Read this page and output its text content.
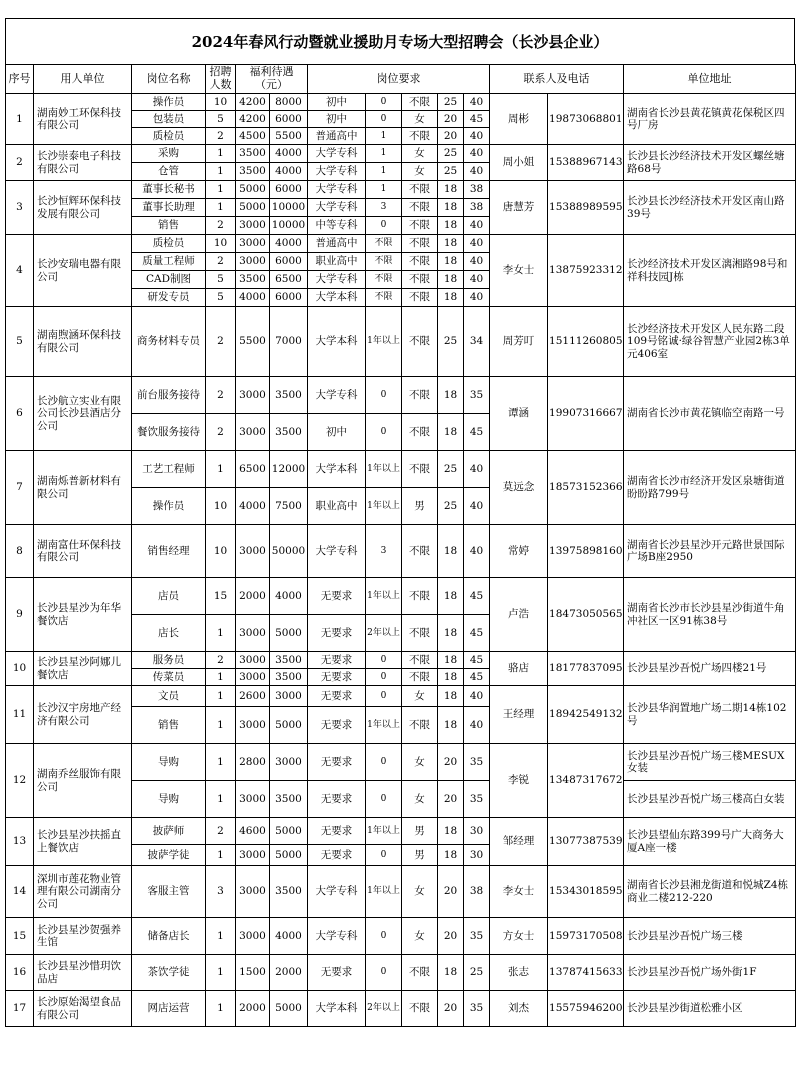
2024年春风行动暨就业援助月专场大型招聘会（长沙县企业）
序号	用人单位	岗位名称	招聘人数	福利待遇（元）		岗位要求					联系人及电话		单位地址
1	湖南妙工环保科技有限公司	操作员	10	4200	8000	初中	0	不限	25	40	周彬	19873068801	湖南省长沙县黄花镇黄花保税区四号厂房
		包装员	5	4200	6000	初中	0	女	20	45			
		质检员	2	4500	5500	普通高中	1	不限	20	40			
2	长沙崇泰电子科技有限公司	采购	1	3500	4000	大学专科	1	女	25	40	周小姐	15388967143	长沙县长沙经济技术开发区螺丝塘路68号
		仓管	1	3500	4000	大学专科	1	女	25	40			
3	长沙恒辉环保科技发展有限公司	董事长秘书	1	5000	6000	大学专科	1	不限	18	38	唐慧芳	15388989595	长沙县长沙经济技术开发区南山路39号
		董事长助理	1	5000	10000	大学专科	3	不限	18	38			
		销售	2	3000	10000	中等专科	0	不限	18	40			
4	长沙安瑞电器有限公司	质检员	10	3000	4000	普通高中	不限	不限	18	40	李女士	13875923312	长沙经济技术开发区漓湘路98号和祥科技园J栋
		质量工程师	2	3000	6000	职业高中	不限	不限	18	40			
		CAD制图	5	3500	6500	大学专科	不限	不限	18	40			
		研发专员	5	4000	6000	大学本科	不限	不限	18	40			
5	湖南煦涵环保科技有限公司	商务材料专员	2	5500	7000	大学本科	1年以上	不限	25	34	周芳叮	15111260805	长沙经济技术开发区人民东路二段109号铭诚·绿谷智慧产业园2栋3单元406室
6	长沙航立实业有限公司长沙县酒店分公司	前台服务接待	2	3000	3500	大学专科	0	不限	18	35	谭涵	19907316667	湖南省长沙市黄花镇临空南路一号
		餐饮服务接待	2	3000	3500	初中	0	不限	18	45			
7	湖南烁普新材料有限公司	工艺工程师	1	6500	12000	大学本科	1年以上	不限	25	40	莫远念	18573152366	湖南省长沙市经济开发区泉塘街道盼盼路799号
		操作员	10	4000	7500	职业高中	1年以上	男	25	40			
8	湖南富仕环保科技有限公司	销售经理	10	3000	50000	大学专科	3	不限	18	40	常婷	13975898160	湖南省长沙县星沙开元路世景国际广场B座2950
9	长沙县星沙为年华餐饮店	店员	15	2000	4000	无要求	1年以上	不限	18	45	卢浩	18473050565	湖南省长沙市长沙县星沙街道牛角冲社区一区91栋38号
		店长	1	3000	5000	无要求	2年以上	不限	18	45			
10	长沙县星沙阿娜儿餐饮店	服务员	2	3000	3500	无要求	0	不限	18	45	骆店	18177837095	长沙县星沙吾悦广场四楼21号
		传菜员	1	3000	3500	无要求	0	不限	18	45			
11	长沙汉宇房地产经济有限公司	文员	1	2600	3000	无要求	0	女	18	40	王经理	18942549132	长沙县华润置地广场二期14栋102号
		销售	1	3000	5000	无要求	1年以上	不限	18	40			
12	湖南乔丝服饰有限公司	导购	1	2800	3000	无要求	0	女	20	35	李锐	13487317672	长沙县星沙吾悦广场三楼MESUX女装
		导购	1	3000	3500	无要求	0	女	20	35			长沙县星沙吾悦广场三楼高白女装
13	长沙县星沙扶摇直上餐饮店	披萨师	2	4600	5000	无要求	1年以上	男	18	30	邹经理	13077387539	长沙县望仙东路399号广大商务大厦A座一楼
		披萨学徒	1	3000	5000	无要求	0	男	18	30			
14	深圳市莲花物业管理有限公司湖南分公司	客服主管	3	3000	3500	大学专科	1年以上	女	20	38	李女士	15343018595	湖南省长沙县湘龙街道和悦城Z4栋商业二楼212-220
15	长沙县星沙贺强养生馆	储备店长	1	3000	4000	大学专科	0	女	20	35	方女士	15973170508	长沙县星沙吾悦广场三楼
16	长沙县星沙惜玥饮品店	茶饮学徒	1	1500	2000	无要求	0	不限	18	25	张志	13787415633	长沙县星沙吾悦广场外街1F
17	长沙原始渴望食品有限公司	网店运营	1	2000	5000	大学本科	2年以上	不限	20	35	刘杰	15575946200	长沙县星沙街道松雅小区
